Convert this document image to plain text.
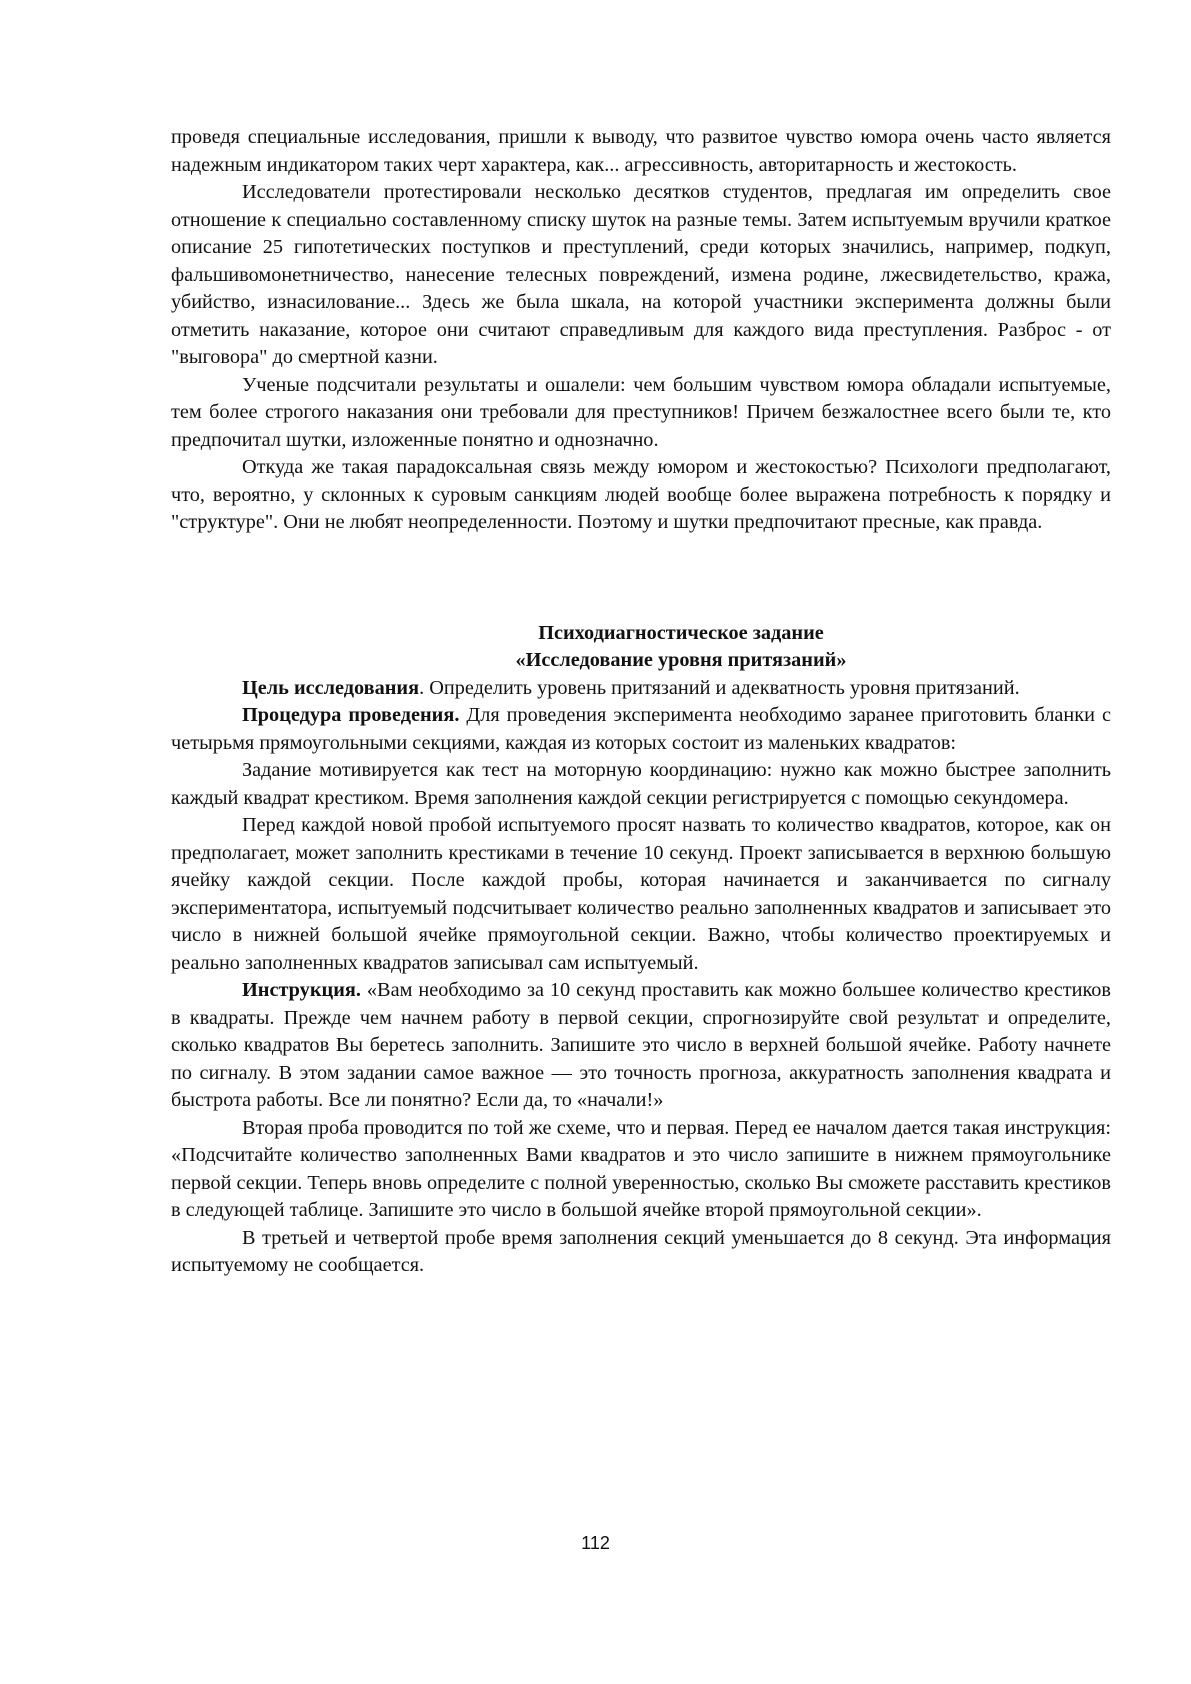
проведя специальные исследования, пришли к выводу, что развитое чувство юмора очень часто является надежным индикатором таких черт характера, как... агрессивность, авторитарность и жестокость.

Исследователи протестировали несколько десятков студентов, предлагая им определить свое отношение к специально составленному списку шуток на разные темы. Затем испытуемым вручили краткое описание 25 гипотетических поступков и преступлений, среди которых значились, например, подкуп, фальшивомонетничество, нанесение телесных повреждений, измена родине, лжесвидетельство, кража, убийство, изнасилование... Здесь же была шкала, на которой участники эксперимента должны были отметить наказание, которое они считают справедливым для каждого вида преступления. Разброс - от "выговора" до смертной казни.

Ученые подсчитали результаты и ошалели: чем большим чувством юмора обладали испытуемые, тем более строгого наказания они требовали для преступников! Причем безжалостнее всего были те, кто предпочитал шутки, изложенные понятно и однозначно.

Откуда же такая парадоксальная связь между юмором и жестокостью? Психологи предполагают, что, вероятно, у склонных к суровым санкциям людей вообще более выражена потребность к порядку и "структуре". Они не любят неопределенности. Поэтому и шутки предпочитают пресные, как правда.

Психодиагностическое задание

«Исследование уровня притязаний»

Цель исследования. Определить уровень притязаний и адекватность уровня притязаний.

Процедура проведения. Для проведения эксперимента необходимо заранее приготовить бланки с четырьмя прямоугольными секциями, каждая из которых состоит из маленьких квадратов:

Задание мотивируется как тест на моторную координацию: нужно как можно быстрее заполнить каждый квадрат крестиком. Время заполнения каждой секции регистрируется с помощью секундомера.

Перед каждой новой пробой испытуемого просят назвать то количество квадратов, которое, как он предполагает, может заполнить крестиками в течение 10 секунд. Проект записывается в верхнюю большую ячейку каждой секции. После каждой пробы, которая начинается и заканчивается по сигналу экспериментатора, испытуемый подсчитывает количество реально заполненных квадратов и записывает это число в нижней большой ячейке прямоугольной секции. Важно, чтобы количество проектируемых и реально заполненных квадратов записывал сам испытуемый.

Инструкция. «Вам необходимо за 10 секунд проставить как можно большее количество крестиков в квадраты. Прежде чем начнем работу в первой секции, спрогнозируйте свой результат и определите, сколько квадратов Вы беретесь заполнить. Запишите это число в верхней большой ячейке. Работу начнете по сигналу. В этом задании самое важное — это точность прогноза, аккуратность заполнения квадрата и быстрота работы. Все ли понятно? Если да, то «начали!»

Вторая проба проводится по той же схеме, что и первая. Перед ее началом дается такая инструкция: «Подсчитайте количество заполненных Вами квадратов и это число запишите в нижнем прямоугольнике первой секции. Теперь вновь определите с полной уверенностью, сколько Вы сможете расставить крестиков в следующей таблице. Запишите это число в большой ячейке второй прямоугольной секции».

В третьей и четвертой пробе время заполнения секций уменьшается до 8 секунд. Эта информация испытуемому не сообщается.

112
